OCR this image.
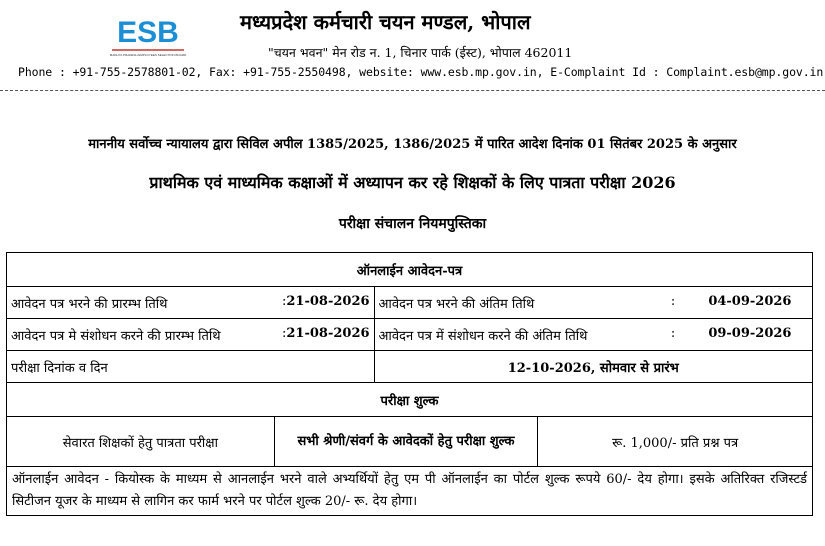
ESB
MADHYA PRADESH EMPLOYEES SELECTION BOARD
मध्यप्रदेश कर्मचारी चयन मण्डल, भोपाल
"चयन भवन" मेन रोड न. 1, चिनार पार्क (ईस्ट), भोपाल 462011
Phone : +91-755-2578801-02, Fax: +91-755-2550498, website: www.esb.mp.gov.in, E-Complaint Id : Complaint.esb@mp.gov.in
माननीय सर्वोच्च न्यायालय द्वारा सिविल अपील 1385/2025, 1386/2025 में पारित आदेश दिनांक 01 सितंबर 2025 के अनुसार
प्राथमिक एवं माध्यमिक कक्षाओं में अध्यापन कर रहे शिक्षकों के लिए पात्रता परीक्षा 2026
परीक्षा संचालन नियमपुस्तिका
ऑनलाईन आवेदन-पत्र			

आवेदन पत्र भरने की प्रारम्भ तिथि :21-08-2026		आवेदन पत्र भरने की अंतिम तिथि : 04-09-2026	

आवेदन पत्र मे संशोधन करने की प्रारम्भ तिथि :21-08-2026		आवेदन पत्र में संशोधन करने की अंतिम तिथि : 09-09-2026	

परीक्षा दिनांक व दिन		12-10-2026, सोमवार से प्रारंभ	
परीक्षा शुल्क			
सेवारत शिक्षकों हेतु पात्रता परीक्षा	सभी श्रेणी/संवर्ग के आवेदकों हेतु परीक्षा शुल्क		रू. 1,000/- प्रति प्रश्न पत्र
ऑनलाईन आवेदन - कियोस्क के माध्यम से आनलाईन भरने वाले अभ्यर्थियों हेतु एम पी ऑनलाईन का पोर्टल शुल्क रूपये 60/- देय होगा। इसके अतिरिक्त रजिस्टर्ड सिटीजन यूजर के माध्यम से लागिन कर फार्म भरने पर पोर्टल शुल्क 20/- रू. देय होगा।			
